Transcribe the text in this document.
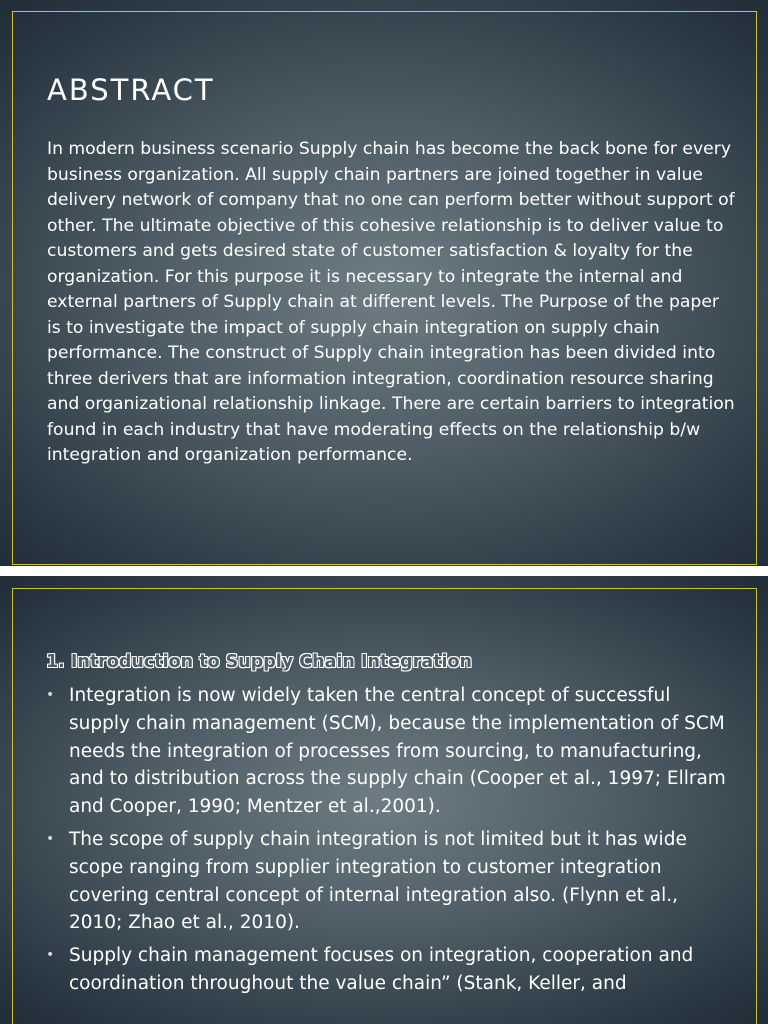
ABSTRACT

In modern business scenario Supply chain has become the back bone for every business organization. All supply chain partners are joined together in value delivery network of company that no one can perform better without support of other. The ultimate objective of this cohesive relationship is to deliver value to customers and gets desired state of customer satisfaction & loyalty for the organization. For this purpose it is necessary to integrate the internal and external partners of Supply chain at different levels. The Purpose of the paper is to investigate the impact of supply chain integration on supply chain performance. The construct of Supply chain integration has been divided into three derivers that are information integration, coordination resource sharing and organizational relationship linkage. There are certain barriers to integration found in each industry that have moderating effects on the relationship b/w integration and organization performance.

1. Introduction to Supply Chain Integration
• Integration is now widely taken the central concept of successful supply chain management (SCM), because the implementation of SCM needs the integration of processes from sourcing, to manufacturing, and to distribution across the supply chain (Cooper et al., 1997; Ellram and Cooper, 1990; Mentzer et al.,2001).
• The scope of supply chain integration is not limited but it has wide scope ranging from supplier integration to customer integration covering central concept of internal integration also. (Flynn et al., 2010; Zhao et al., 2010).
• Supply chain management focuses on integration, cooperation and coordination throughout the value chain” (Stank, Keller, and
